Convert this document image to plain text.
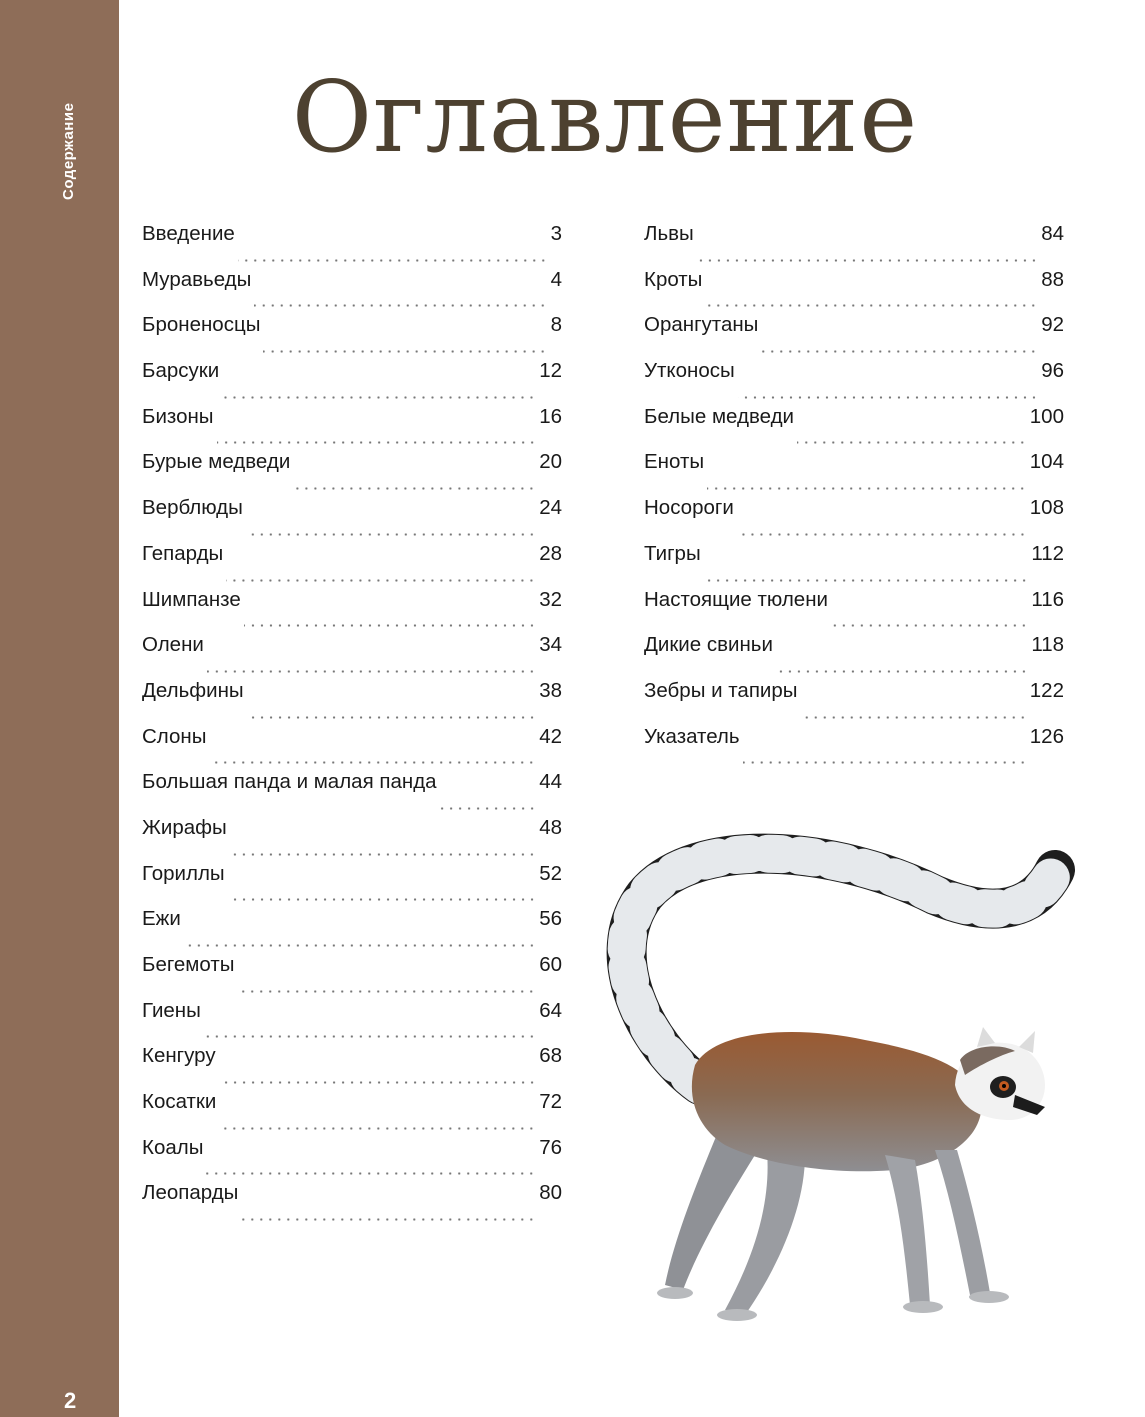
Содержание
2
Оглавление
Введение	3
Муравьеды	4
Броненосцы	8
Барсуки	12
Бизоны	16
Бурые медведи	20
Верблюды	24
Гепарды	28
Шимпанзе	32
Олени	34
Дельфины	38
Слоны	42
Большая панда и малая панда	44
Жирафы	48
Гориллы	52
Ежи	56
Бегемоты	60
Гиены	64
Кенгуру	68
Косатки	72
Коалы	76
Леопарды	80
Львы	84
Кроты	88
Орангутаны	92
Утконосы	96
Белые медведи	100
Еноты	104
Носороги	108
Тигры	112
Настоящие тюлени	116
Дикие свиньи	118
Зебры и тапиры	122
Указатель	126
